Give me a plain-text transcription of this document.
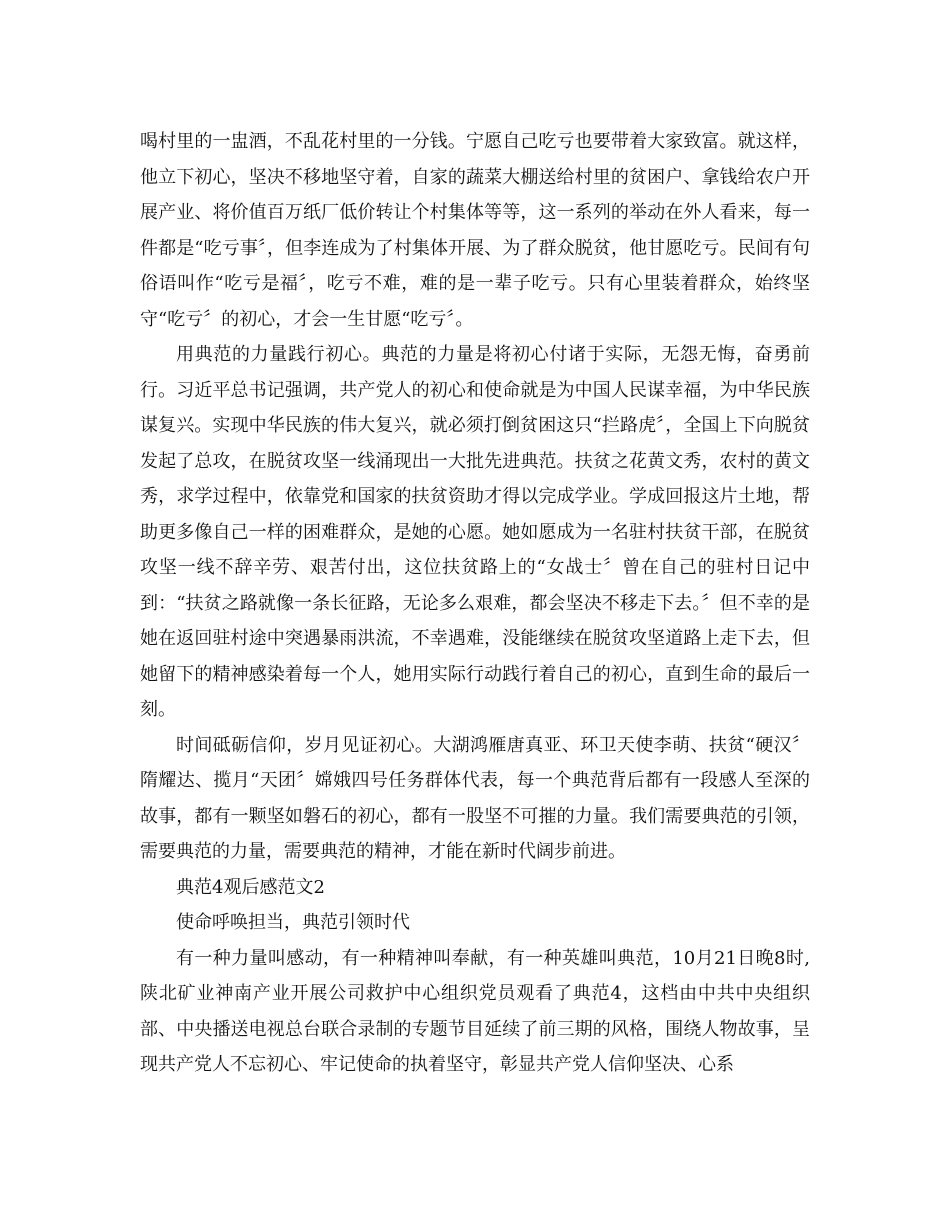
喝村里的一盅酒，不乱花村里的一分钱。宁愿自己吃亏也要带着大家致富。就这样，他立下初心，坚决不移地坚守着，自家的蔬菜大棚送给村里的贫困户、拿钱给农户开展产业、将价值百万纸厂低价转让个村集体等等，这一系列的举动在外人看来，每一件都是“吃亏事〞，但李连成为了村集体开展、为了群众脱贫，他甘愿吃亏。民间有句俗语叫作“吃亏是福〞，吃亏不难，难的是一辈子吃亏。只有心里装着群众，始终坚守“吃亏〞的初心，才会一生甘愿“吃亏〞。

用典范的力量践行初心。典范的力量是将初心付诸于实际，无怨无悔，奋勇前行。习近平总书记强调，共产党人的初心和使命就是为中国人民谋幸福，为中华民族谋复兴。实现中华民族的伟大复兴，就必须打倒贫困这只“拦路虎〞，全国上下向脱贫发起了总攻，在脱贫攻坚一线涌现出一大批先进典范。扶贫之花黄文秀，农村的黄文秀，求学过程中，依靠党和国家的扶贫资助才得以完成学业。学成回报这片土地，帮助更多像自己一样的困难群众，是她的心愿。她如愿成为一名驻村扶贫干部，在脱贫攻坚一线不辞辛劳、艰苦付出，这位扶贫路上的“女战士〞曾在自己的驻村日记中到：“扶贫之路就像一条长征路，无论多么艰难，都会坚决不移走下去。〞但不幸的是她在返回驻村途中突遇暴雨洪流，不幸遇难，没能继续在脱贫攻坚道路上走下去，但她留下的精神感染着每一个人，她用实际行动践行着自己的初心，直到生命的最后一刻。

时间砥砺信仰，岁月见证初心。大湖鸿雁唐真亚、环卫天使李萌、扶贫“硬汉〞隋耀达、揽月“天团〞嫦娥四号任务群体代表，每一个典范背后都有一段感人至深的故事，都有一颗坚如磐石的初心，都有一股坚不可摧的力量。我们需要典范的引领，需要典范的力量，需要典范的精神，才能在新时代阔步前进。

典范4观后感范文2

使命呼唤担当，典范引领时代

有一种力量叫感动，有一种精神叫奉献，有一种英雄叫典范，10月21日晚8时,陕北矿业神南产业开展公司救护中心组织党员观看了典范4，这档由中共中央组织部、中央播送电视总台联合录制的专题节目延续了前三期的风格，围绕人物故事，呈现共产党人不忘初心、牢记使命的执着坚守，彰显共产党人信仰坚决、心系
